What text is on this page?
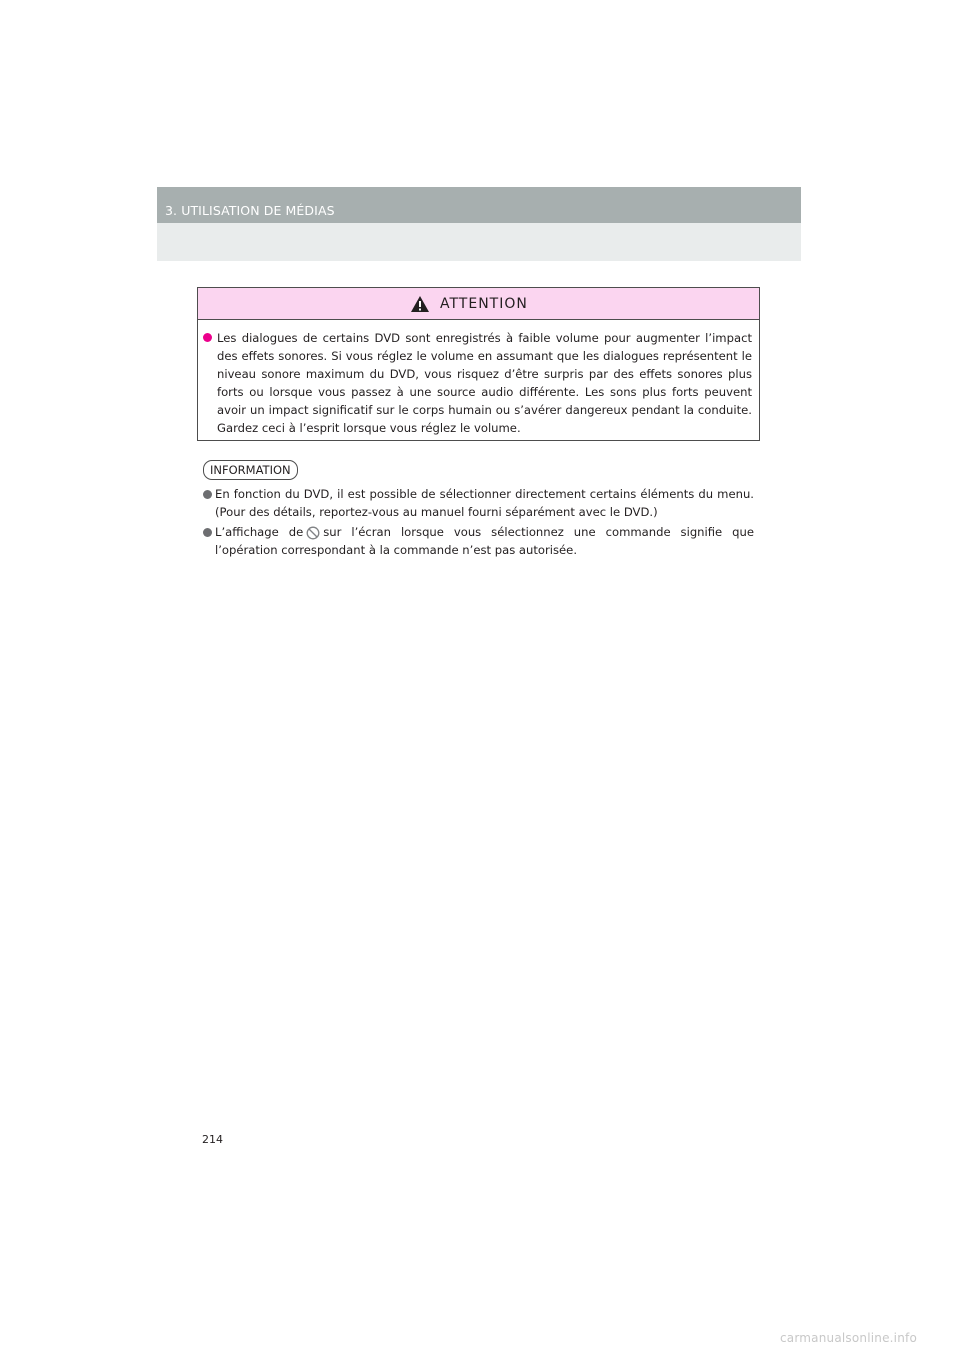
3. UTILISATION DE MÉDIAS
ATTENTION

Les dialogues de certains DVD sont enregistrés à faible volume pour augmenter l’impact des effets sonores. Si vous réglez le volume en assumant que les dialogues représentent le niveau sonore maximum du DVD, vous risquez d’être surpris par des effets sonores plus forts ou lorsque vous passez à une source audio différente. Les sons plus forts peuvent avoir un impact significatif sur le corps humain ou s’avérer dangereux pendant la conduite. Gardez ceci à l’esprit lorsque vous réglez le volume.

INFORMATION
En fonction du DVD, il est possible de sélectionner directement certains éléments du menu. (Pour des détails, reportez-vous au manuel fourni séparément avec le DVD.)
L’affichage de sur l’écran lorsque vous sélectionnez une commande signifie que l’opération correspondant à la commande n’est pas autorisée.
214
carmanualsonline.info
